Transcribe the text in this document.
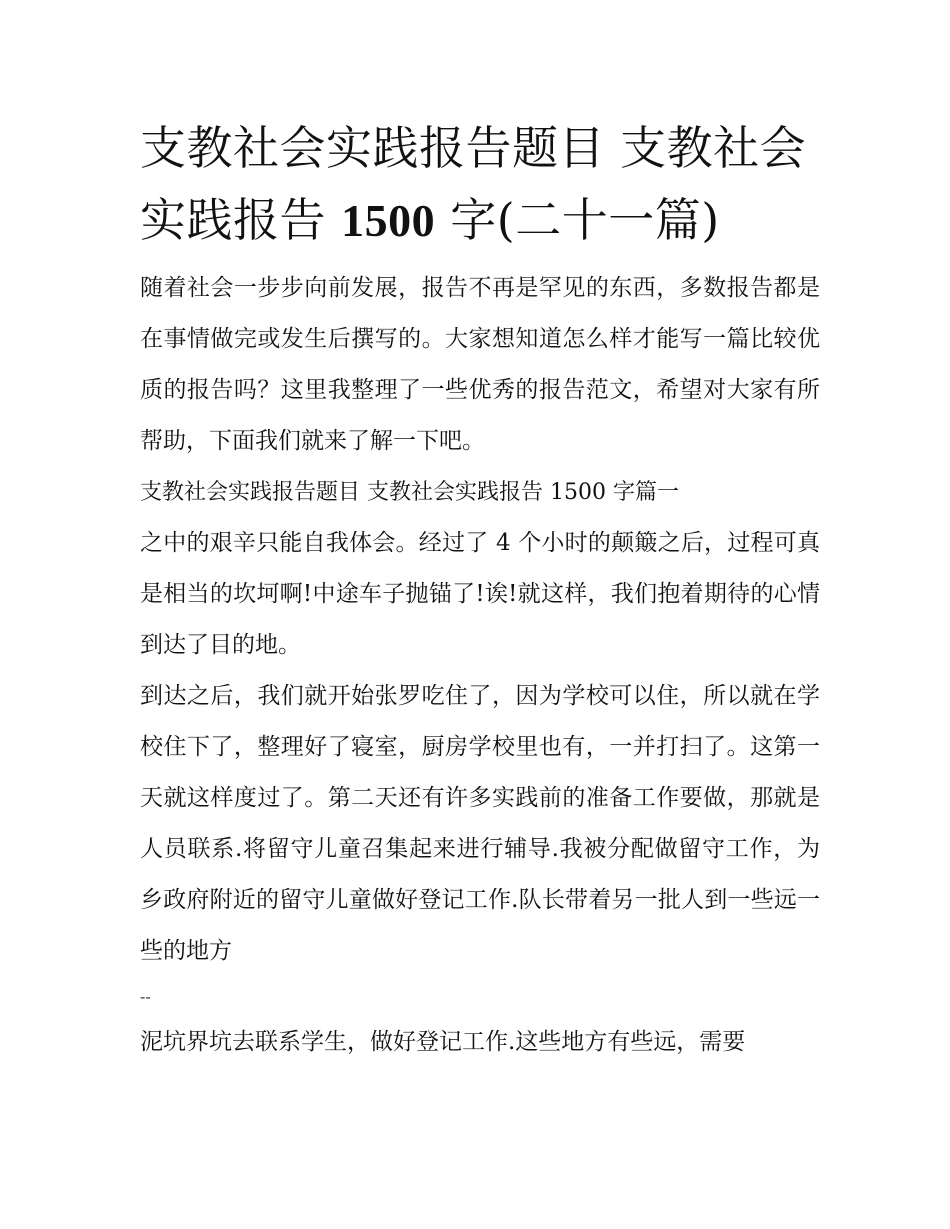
支教社会实践报告题目 支教社会实践报告 1500 字(二十一篇)

随着社会一步步向前发展，报告不再是罕见的东西，多数报告都是在事情做完或发生后撰写的。大家想知道怎么样才能写一篇比较优质的报告吗？这里我整理了一些优秀的报告范文，希望对大家有所帮助，下面我们就来了解一下吧。

支教社会实践报告题目 支教社会实践报告 1500 字篇一

之中的艰辛只能自我体会。经过了 4 个小时的颠簸之后，过程可真是相当的坎坷啊!中途车子抛锚了!诶!就这样，我们抱着期待的心情到达了目的地。

到达之后，我们就开始张罗吃住了，因为学校可以住，所以就在学校住下了，整理好了寝室，厨房学校里也有，一并打扫了。这第一天就这样度过了。第二天还有许多实践前的准备工作要做，那就是人员联系.将留守儿童召集起来进行辅导.我被分配做留守工作，为乡政府附近的留守儿童做好登记工作.队长带着另一批人到一些远一些的地方

--

泥坑界坑去联系学生，做好登记工作.这些地方有些远，需要
